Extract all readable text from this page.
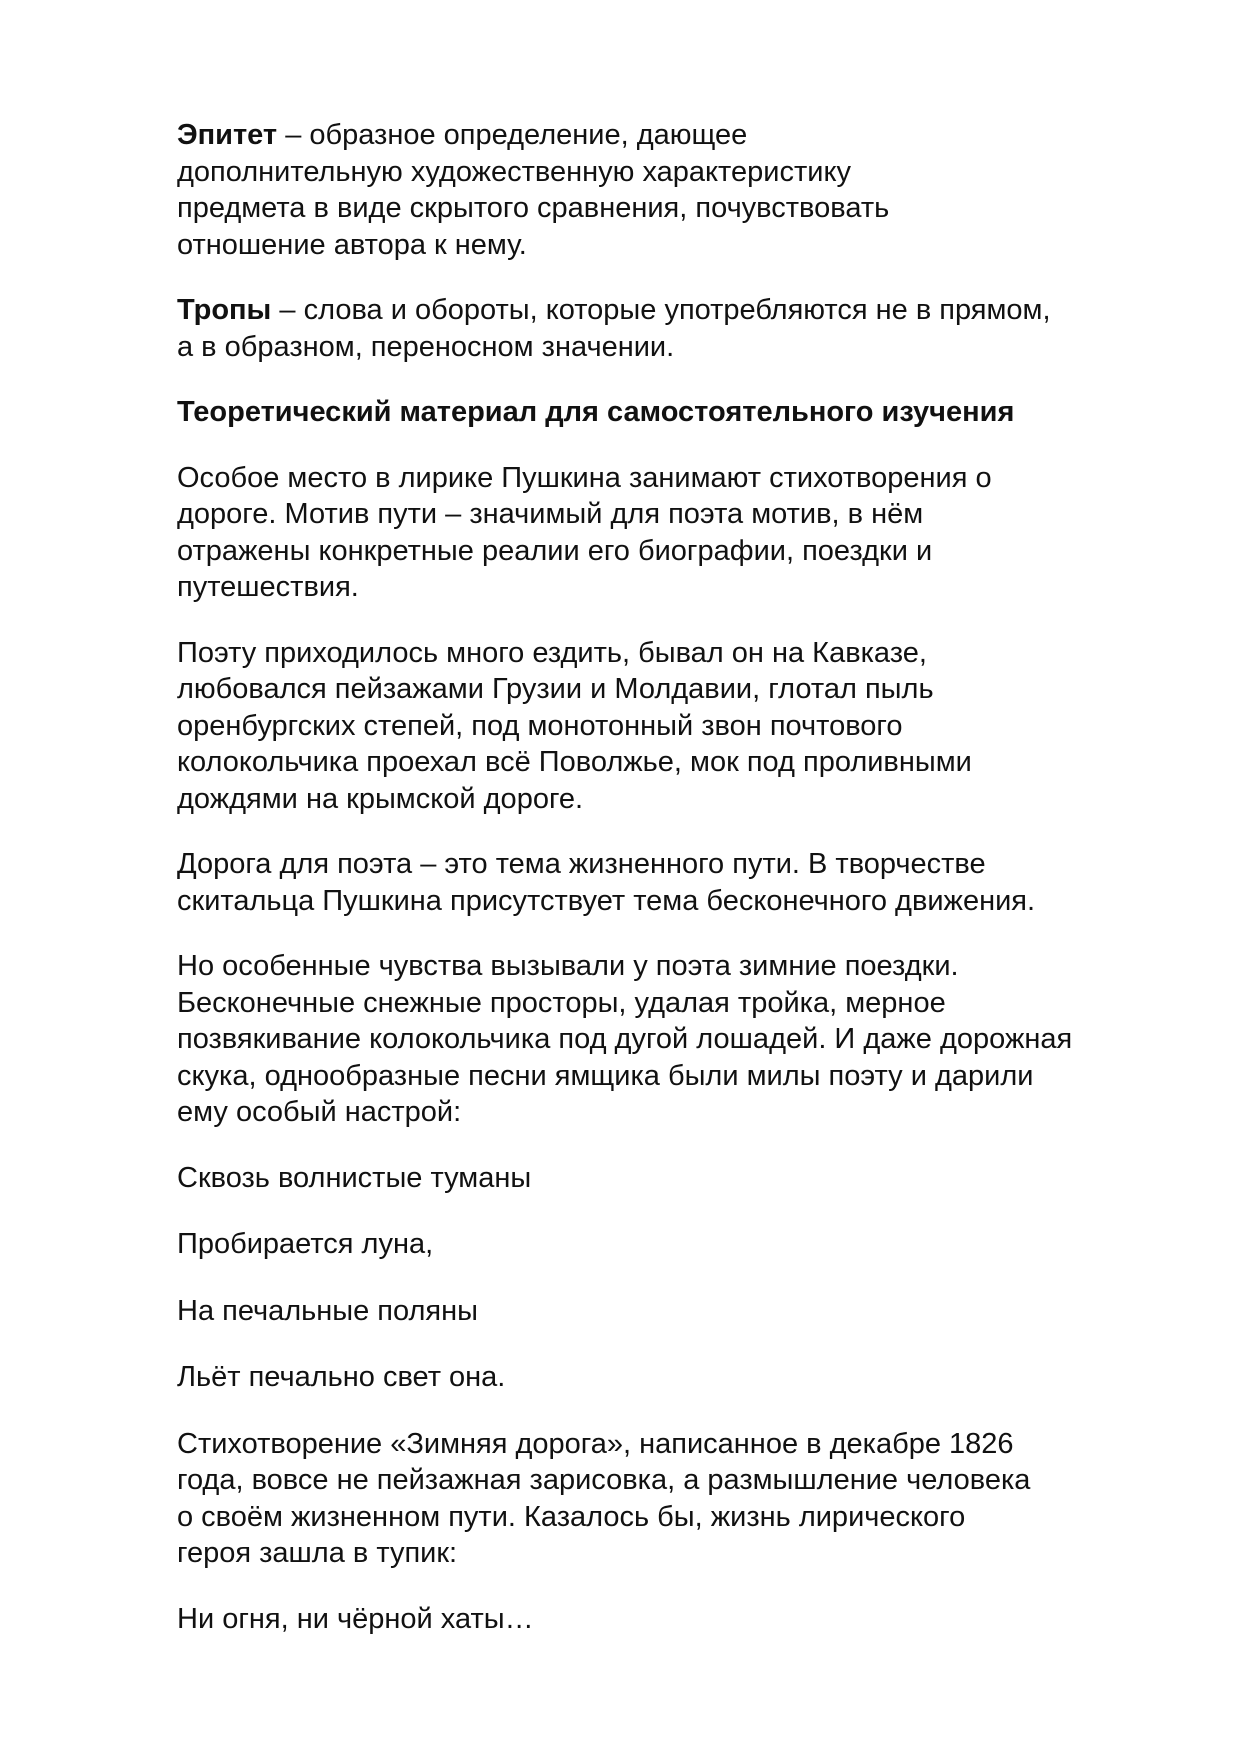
Эпитет – образное определение, дающее дополнительную художественную характеристику предмета в виде скрытого сравнения, почувствовать отношение автора к нему.

Тропы – слова и обороты, которые употребляются не в прямом, а в образном, переносном значении.

Теоретический материал для самостоятельного изучения

Особое место в лирике Пушкина занимают стихотворения о дороге. Мотив пути – значимый для поэта мотив, в нём отражены конкретные реалии его биографии, поездки и путешествия.

Поэту приходилось много ездить, бывал он на Кавказе, любовался пейзажами Грузии и Молдавии, глотал пыль оренбургских степей, под монотонный звон почтового колокольчика проехал всё Поволжье, мок под проливными дождями на крымской дороге.

Дорога для поэта – это тема жизненного пути. В творчестве скитальца Пушкина присутствует тема бесконечного движения.

Но особенные чувства вызывали у поэта зимние поездки. Бесконечные снежные просторы, удалая тройка, мерное позвякивание колокольчика под дугой лошадей. И даже дорожная скука, однообразные песни ямщика были милы поэту и дарили ему особый настрой:

Сквозь волнистые туманы

Пробирается луна,

На печальные поляны

Льёт печально свет она.

Стихотворение «Зимняя дорога», написанное в декабре 1826 года, вовсе не пейзажная зарисовка, а размышление человека о своём жизненном пути. Казалось бы, жизнь лирического героя зашла в тупик:

Ни огня, ни чёрной хаты…
